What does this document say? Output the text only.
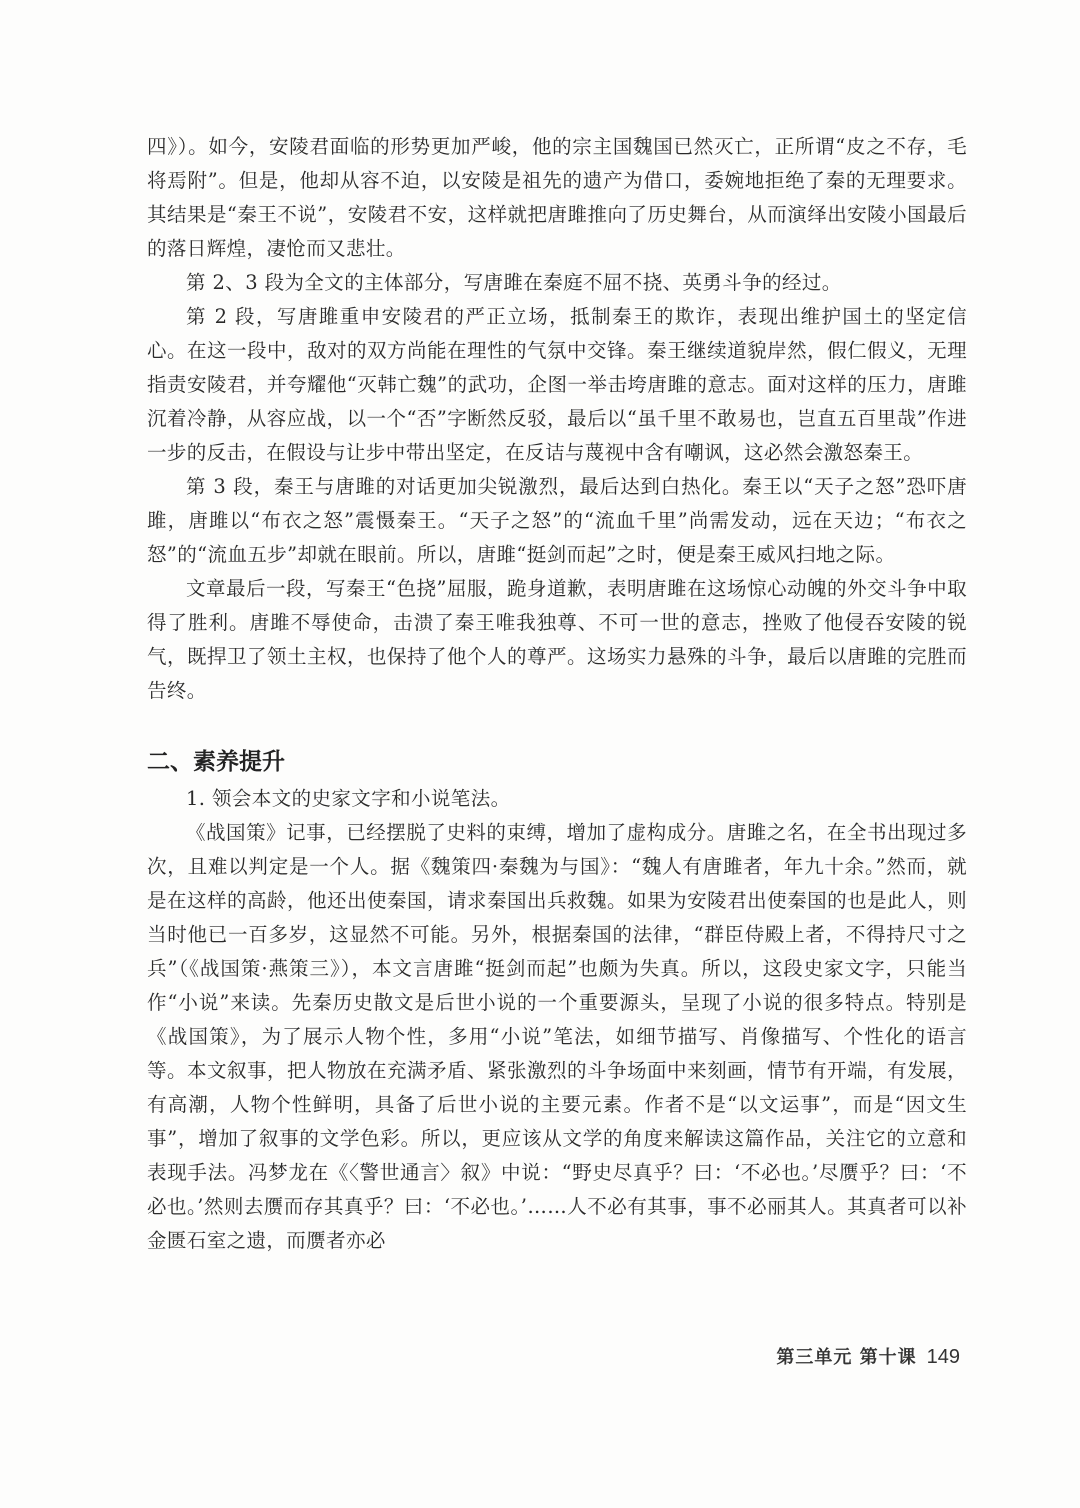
四》）。如今，安陵君面临的形势更加严峻，他的宗主国魏国已然灭亡，正所谓“皮之不存，毛将焉附”。但是，他却从容不迫，以安陵是祖先的遗产为借口，委婉地拒绝了秦的无理要求。其结果是“秦王不说”，安陵君不安，这样就把唐雎推向了历史舞台，从而演绎出安陵小国最后的落日辉煌，凄怆而又悲壮。

第 2、3 段为全文的主体部分，写唐雎在秦庭不屈不挠、英勇斗争的经过。

第 2 段，写唐雎重申安陵君的严正立场，抵制秦王的欺诈，表现出维护国土的坚定信心。在这一段中，敌对的双方尚能在理性的气氛中交锋。秦王继续道貌岸然，假仁假义，无理指责安陵君，并夸耀他“灭韩亡魏”的武功，企图一举击垮唐雎的意志。面对这样的压力，唐雎沉着冷静，从容应战，以一个“否”字断然反驳，最后以“虽千里不敢易也，岂直五百里哉”作进一步的反击，在假设与让步中带出坚定，在反诘与蔑视中含有嘲讽，这必然会激怒秦王。

第 3 段，秦王与唐雎的对话更加尖锐激烈，最后达到白热化。秦王以“天子之怒”恐吓唐雎，唐雎以“布衣之怒”震慑秦王。“天子之怒”的“流血千里”尚需发动，远在天边；“布衣之怒”的“流血五步”却就在眼前。所以，唐雎“挺剑而起”之时，便是秦王威风扫地之际。

文章最后一段，写秦王“色挠”屈服，跪身道歉，表明唐雎在这场惊心动魄的外交斗争中取得了胜利。唐雎不辱使命，击溃了秦王唯我独尊、不可一世的意志，挫败了他侵吞安陵的锐气，既捍卫了领土主权，也保持了他个人的尊严。这场实力悬殊的斗争，最后以唐雎的完胜而告终。

二、素养提升

1. 领会本文的史家文字和小说笔法。

《战国策》记事，已经摆脱了史料的束缚，增加了虚构成分。唐雎之名，在全书出现过多次，且难以判定是一个人。据《魏策四·秦魏为与国》：“魏人有唐雎者，年九十余。”然而，就是在这样的高龄，他还出使秦国，请求秦国出兵救魏。如果为安陵君出使秦国的也是此人，则当时他已一百多岁，这显然不可能。另外，根据秦国的法律，“群臣侍殿上者，不得持尺寸之兵”（《战国策·燕策三》），本文言唐雎“挺剑而起”也颇为失真。所以，这段史家文字，只能当作“小说”来读。先秦历史散文是后世小说的一个重要源头，呈现了小说的很多特点。特别是《战国策》，为了展示人物个性，多用“小说”笔法，如细节描写、肖像描写、个性化的语言等。本文叙事，把人物放在充满矛盾、紧张激烈的斗争场面中来刻画，情节有开端，有发展，有高潮，人物个性鲜明，具备了后世小说的主要元素。作者不是“以文运事”，而是“因文生事”，增加了叙事的文学色彩。所以，更应该从文学的角度来解读这篇作品，关注它的立意和表现手法。冯梦龙在《〈警世通言〉叙》中说：“野史尽真乎？曰：‘不必也。’尽赝乎？曰：‘不必也。’然则去赝而存其真乎？曰：‘不必也。’……人不必有其事，事不必丽其人。其真者可以补金匮石室之遗，而赝者亦必

第三单元 第十课 149
